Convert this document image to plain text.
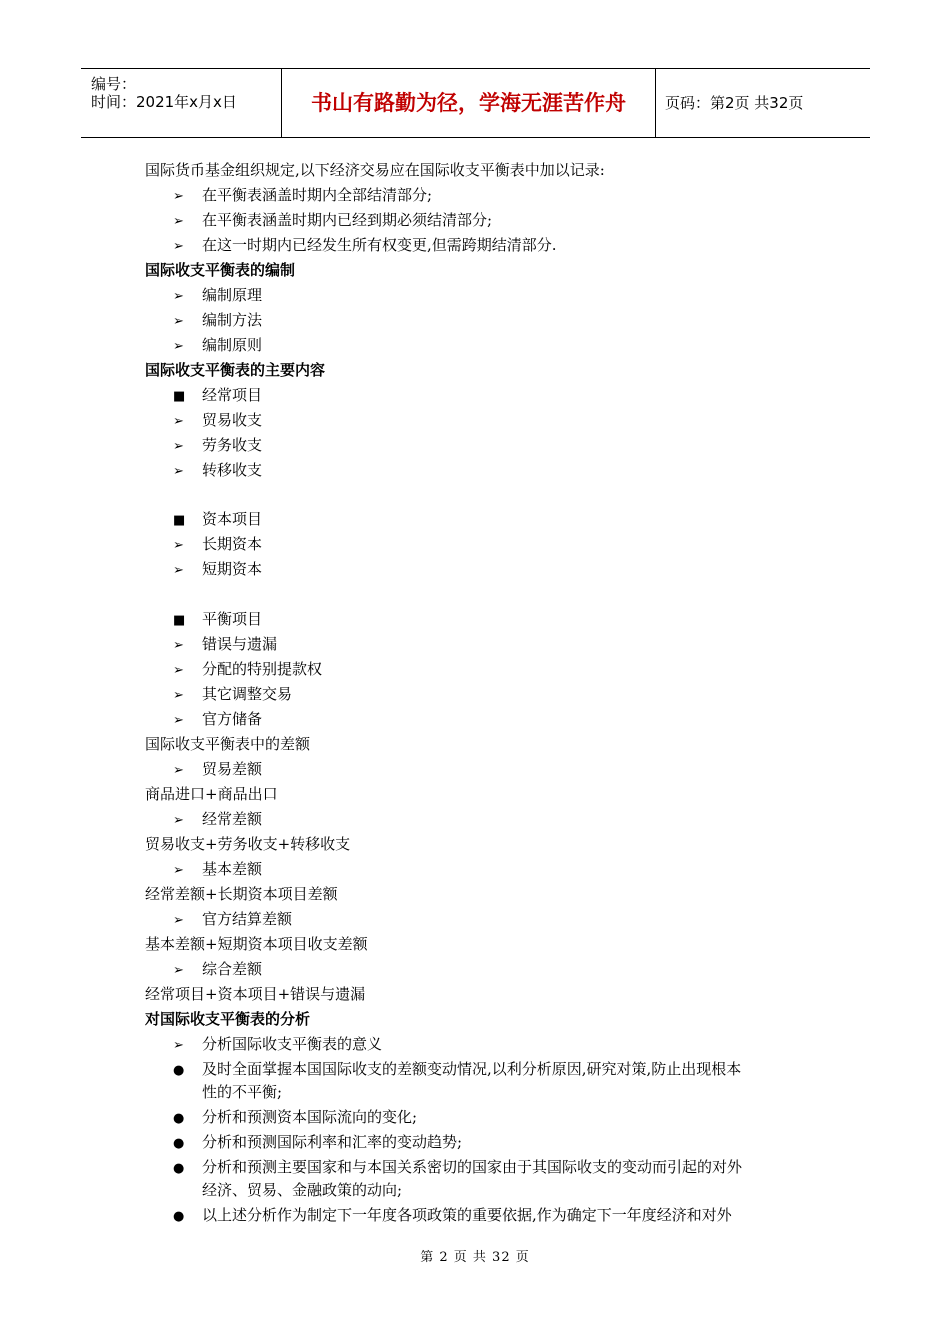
编号：
时间：2021年x月x日	书山有路勤为径，学海无涯苦作舟	页码：第2页 共32页
国际货币基金组织规定,以下经济交易应在国际收支平衡表中加以记录:
➢ 在平衡表涵盖时期内全部结清部分;
➢ 在平衡表涵盖时期内已经到期必须结清部分;
➢ 在这一时期内已经发生所有权变更,但需跨期结清部分.
国际收支平衡表的编制
➢ 编制原理
➢ 编制方法
➢ 编制原则
国际收支平衡表的主要内容
■ 经常项目
➢ 贸易收支
➢ 劳务收支
➢ 转移收支
■ 资本项目
➢ 长期资本
➢ 短期资本
■ 平衡项目
➢ 错误与遗漏
➢ 分配的特别提款权
➢ 其它调整交易
➢ 官方储备
国际收支平衡表中的差额
➢ 贸易差额
商品进口+商品出口
➢ 经常差额
贸易收支+劳务收支+转移收支
➢ 基本差额
经常差额+长期资本项目差额
➢ 官方结算差额
基本差额+短期资本项目收支差额
➢ 综合差额
经常项目+资本项目+错误与遗漏
对国际收支平衡表的分析
➢ 分析国际收支平衡表的意义
● 及时全面掌握本国国际收支的差额变动情况,以利分析原因,研究对策,防止出现根本
性的不平衡;
● 分析和预测资本国际流向的变化;
● 分析和预测国际利率和汇率的变动趋势;
● 分析和预测主要国家和与本国关系密切的国家由于其国际收支的变动而引起的对外
经济、贸易、金融政策的动向;
● 以上述分析作为制定下一年度各项政策的重要依据,作为确定下一年度经济和对外
第 2 页 共 32 页
